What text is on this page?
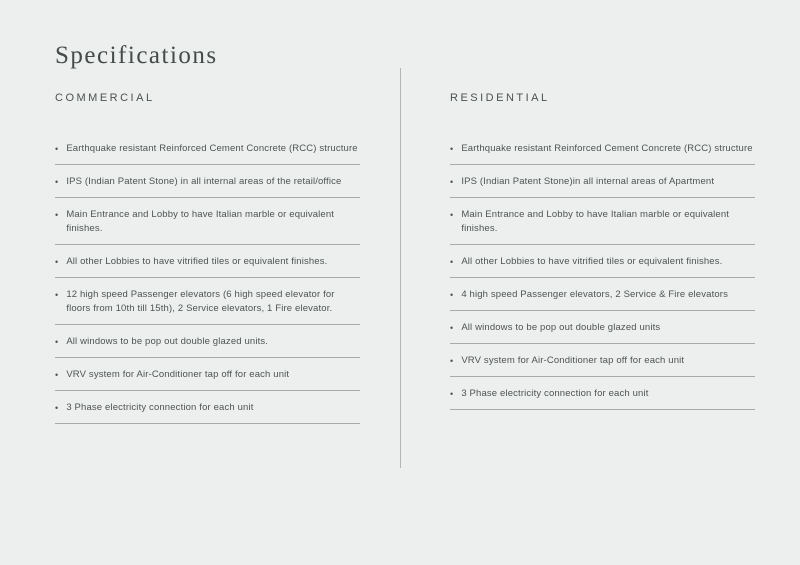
Specifications
COMMERCIAL
• Earthquake resistant Reinforced Cement Concrete (RCC) structure
• IPS (Indian Patent Stone) in all internal areas of the retail/office
• Main Entrance and Lobby to have Italian marble or equivalent finishes.
• All other Lobbies to have vitrified tiles or equivalent finishes.
• 12 high speed Passenger elevators (6 high speed elevator for floors from 10th till 15th), 2 Service elevators, 1 Fire elevator.
• All windows to be pop out double glazed units.
• VRV system for Air-Conditioner tap off for each unit
• 3 Phase electricity connection for each unit
RESIDENTIAL
• Earthquake resistant Reinforced Cement Concrete (RCC) structure
• IPS (Indian Patent Stone)in all internal areas of Apartment
• Main Entrance and Lobby to have Italian marble or equivalent finishes.
• All other Lobbies to have vitrified tiles or equivalent finishes.
• 4 high speed Passenger elevators, 2 Service & Fire elevators
• All windows to be pop out double glazed units
• VRV system for Air-Conditioner tap off for each unit
• 3 Phase electricity connection for each unit
